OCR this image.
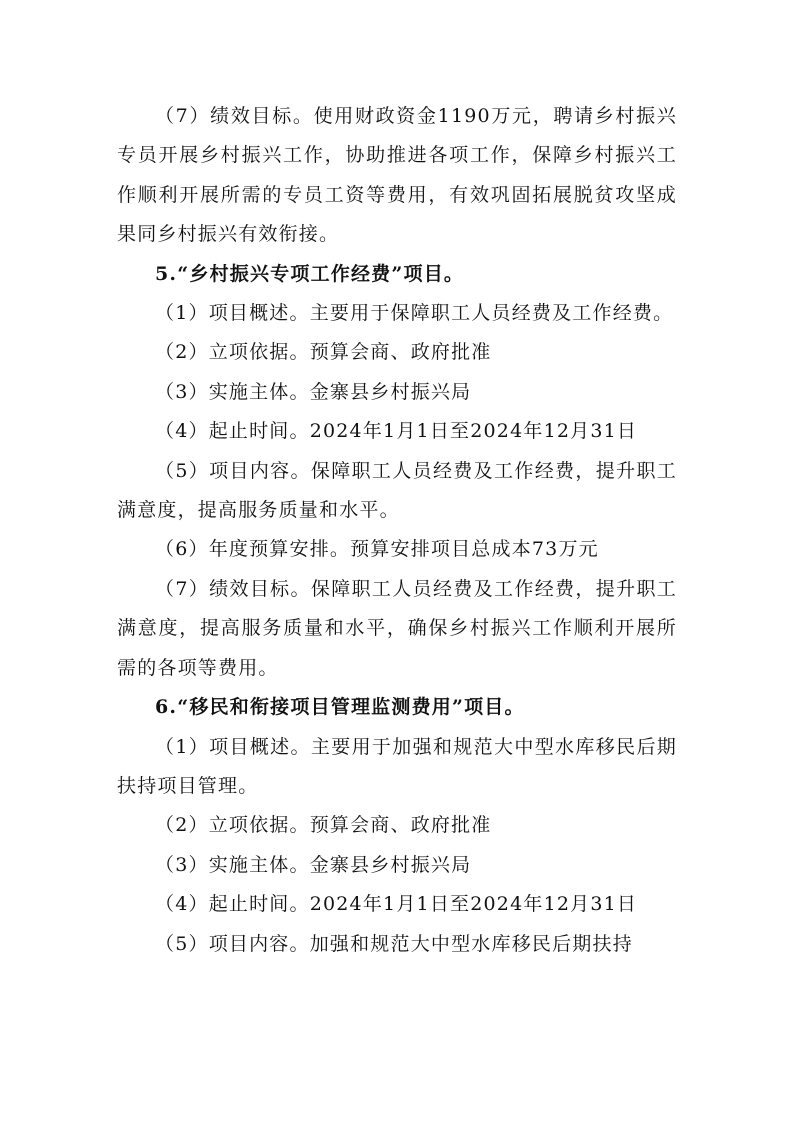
（7）绩效目标。使用财政资金1190万元，聘请乡村振兴专员开展乡村振兴工作，协助推进各项工作，保障乡村振兴工作顺利开展所需的专员工资等费用，有效巩固拓展脱贫攻坚成果同乡村振兴有效衔接。

5.“乡村振兴专项工作经费”项目。

（1）项目概述。主要用于保障职工人员经费及工作经费。

（2）立项依据。预算会商、政府批准

（3）实施主体。金寨县乡村振兴局

（4）起止时间。2024年1月1日至2024年12月31日

（5）项目内容。保障职工人员经费及工作经费，提升职工满意度，提高服务质量和水平。

（6）年度预算安排。预算安排项目总成本73万元

（7）绩效目标。保障职工人员经费及工作经费，提升职工满意度，提高服务质量和水平，确保乡村振兴工作顺利开展所需的各项等费用。

6.“移民和衔接项目管理监测费用”项目。

（1）项目概述。主要用于加强和规范大中型水库移民后期扶持项目管理。

（2）立项依据。预算会商、政府批准

（3）实施主体。金寨县乡村振兴局

（4）起止时间。2024年1月1日至2024年12月31日

（5）项目内容。加强和规范大中型水库移民后期扶持
